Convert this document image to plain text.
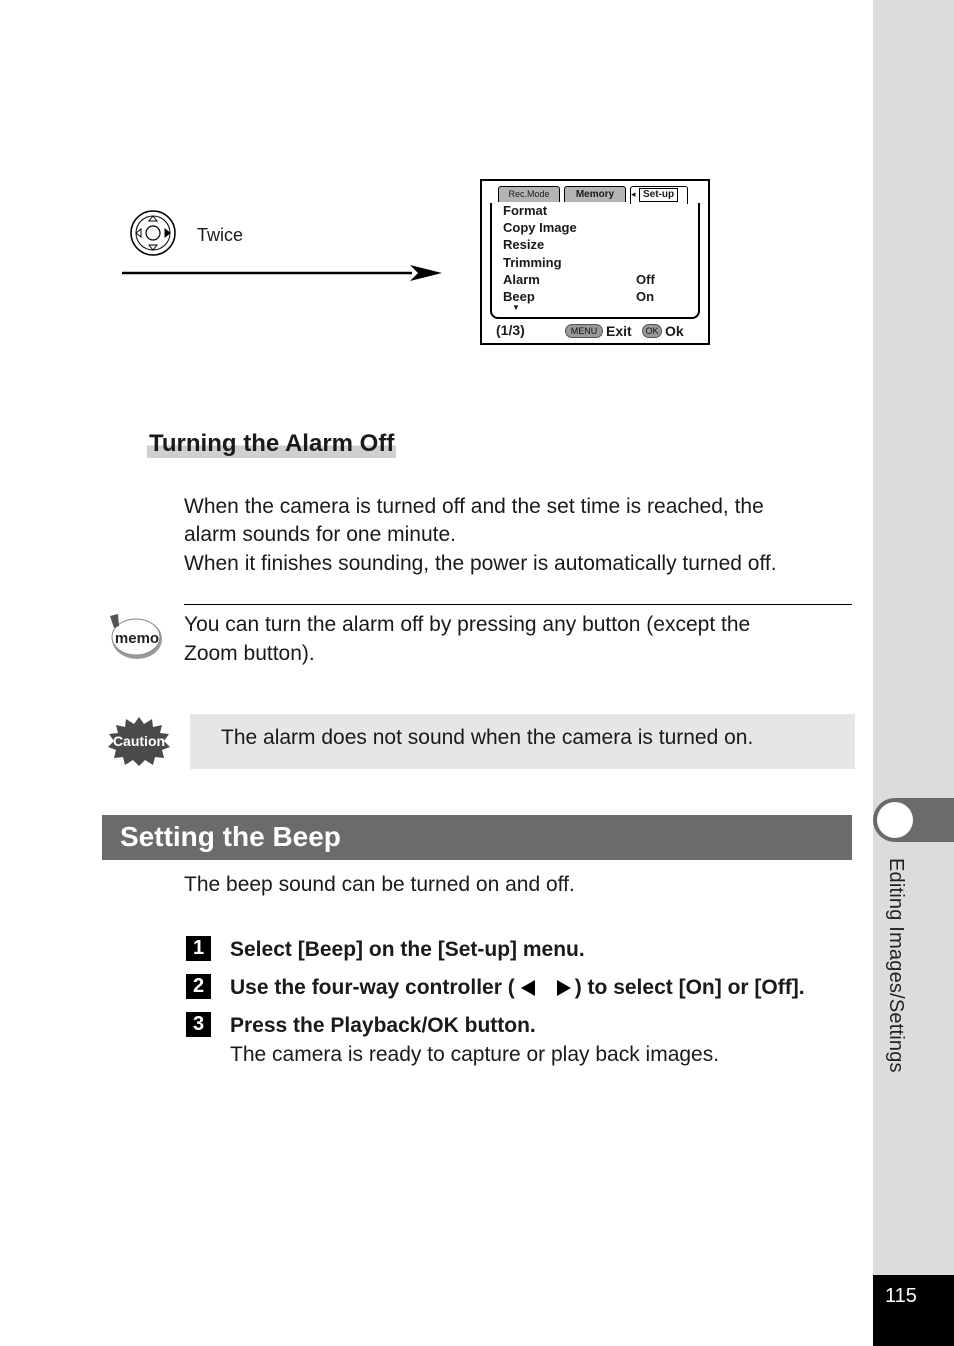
Editing Images/Settings
115
Twice
Rec.Mode	Memory	◂ Set-up
Format
Copy Image
Resize
Trimming
Alarm	Off
Beep	On
▼
(1/3)	MENU Exit	OK Ok
Turning the Alarm Off
When the camera is turned off and the set time is reached, the
alarm sounds for one minute.
When it finishes sounding, the power is automatically turned off.
memo
You can turn the alarm off by pressing any button (except the
Zoom button).
Caution	The alarm does not sound when the camera is turned on.
Setting the Beep
The beep sound can be turned on and off.
1	Select [Beep] on the [Set-up] menu.
2	Use the four-way controller (	) to select [On] or [Off].
3	Press the Playback/OK button.
The camera is ready to capture or play back images.
